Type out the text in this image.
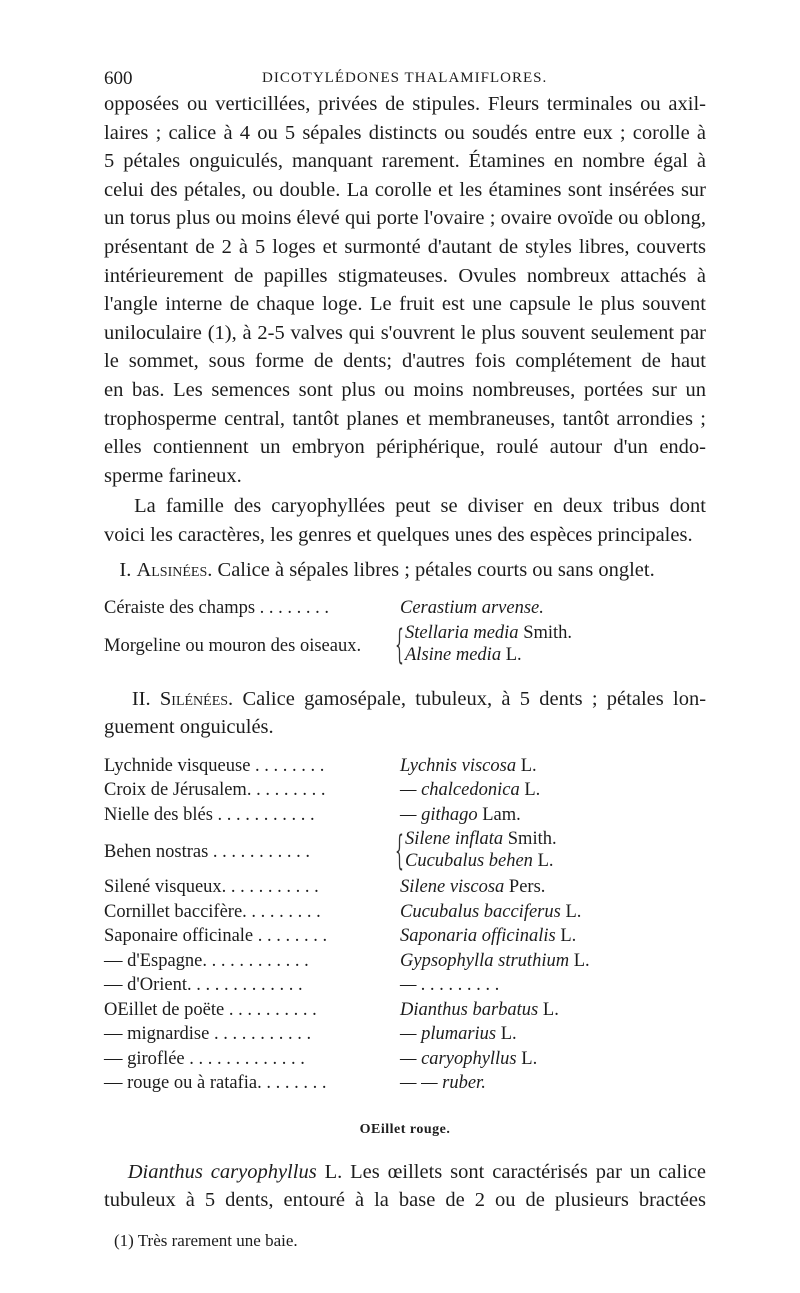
600	DICOTYLÉDONES THALAMIFLORES.
opposées ou verticillées, privées de stipules. Fleurs terminales ou axil-
laires ; calice à 4 ou 5 sépales distincts ou soudés entre eux ; corolle à
5 pétales onguiculés, manquant rarement. Étamines en nombre égal à
celui des pétales, ou double. La corolle et les étamines sont insérées sur
un torus plus ou moins élevé qui porte l'ovaire ; ovaire ovoïde ou oblong,
présentant de 2 à 5 loges et surmonté d'autant de styles libres, couverts
intérieurement de papilles stigmateuses. Ovules nombreux attachés à
l'angle interne de chaque loge. Le fruit est une capsule le plus souvent
uniloculaire (1), à 2-5 valves qui s'ouvrent le plus souvent seulement par
le sommet, sous forme de dents; d'autres fois complétement de haut
en bas. Les semences sont plus ou moins nombreuses, portées sur un
trophosperme central, tantôt planes et membraneuses, tantôt arrondies ;
elles contiennent un embryon périphérique, roulé autour d'un endo-
sperme farineux.
La famille des caryophyllées peut se diviser en deux tribus dont
voici les caractères, les genres et quelques unes des espèces principales.
I. Alsinées. Calice à sépales libres ; pétales courts ou sans onglet.
Céraiste des champs . . . . . . . .	Cerastium arvense.
Morgeline ou mouron des oiseaux. { Stellaria media Smith.
Alsine media L.
II. Silénées. Calice gamosépale, tubuleux, à 5 dents ; pétales lon-
guement onguiculés.
Lychnide visqueuse . . . . . . . .	Lychnis viscosa L.
Croix de Jérusalem. . . . . . . . .	— chalcedonica L.
Nielle des blés . . . . . . . . . . .	— githago Lam.
Behen nostras . . . . . . . . . . . { Silene inflata Smith.
Cucubalus behen L.
Silené visqueux. . . . . . . . . . .	Silene viscosa Pers.
Cornillet baccifère. . . . . . . . .	Cucubalus bacciferus L.
Saponaire officinale . . . . . . . .	Saponaria officinalis L.
— d'Espagne. . . . . . . . . . . .	Gypsophylla struthium L.
— d'Orient. . . . . . . . . . . . .	— . . . . . . . . .
OEillet de poëte . . . . . . . . . .	Dianthus barbatus L.
— mignardise . . . . . . . . . . .	— plumarius L.
— giroflée . . . . . . . . . . . . .	— caryophyllus L.
— rouge ou à ratafia. . . . . . . .	— — ruber.
OEillet rouge.
Dianthus caryophyllus L. Les œillets sont caractérisés par un calice
tubuleux à 5 dents, entouré à la base de 2 ou de plusieurs bractées
(1) Très rarement une baie.
